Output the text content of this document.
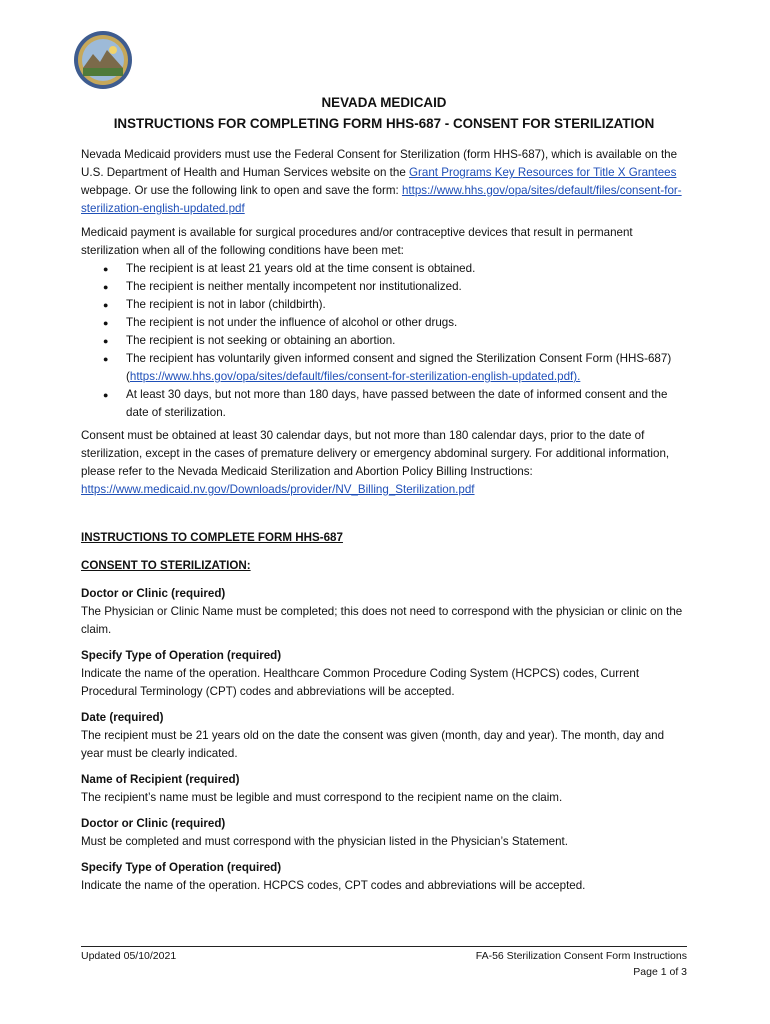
NEVADA MEDICAID
INSTRUCTIONS FOR COMPLETING FORM HHS-687 - CONSENT FOR STERILIZATION

Nevada Medicaid providers must use the Federal Consent for Sterilization (form HHS-687), which is available on the U.S. Department of Health and Human Services website on the Grant Programs Key Resources for Title X Grantees webpage. Or use the following link to open and save the form: https://www.hhs.gov/opa/sites/default/files/consent-for-sterilization-english-updated.pdf

Medicaid payment is available for surgical procedures and/or contraceptive devices that result in permanent sterilization when all of the following conditions have been met:

● The recipient is at least 21 years old at the time consent is obtained.
● The recipient is neither mentally incompetent nor institutionalized.
● The recipient is not in labor (childbirth).
● The recipient is not under the influence of alcohol or other drugs.
● The recipient is not seeking or obtaining an abortion.
● The recipient has voluntarily given informed consent and signed the Sterilization Consent Form (HHS-687) (https://www.hhs.gov/opa/sites/default/files/consent-for-sterilization-english-updated.pdf).
● At least 30 days, but not more than 180 days, have passed between the date of informed consent and the date of sterilization.

Consent must be obtained at least 30 calendar days, but not more than 180 calendar days, prior to the date of sterilization, except in the cases of premature delivery or emergency abdominal surgery. For additional information, please refer to the Nevada Medicaid Sterilization and Abortion Policy Billing Instructions: https://www.medicaid.nv.gov/Downloads/provider/NV_Billing_Sterilization.pdf

INSTRUCTIONS TO COMPLETE FORM HHS-687

CONSENT TO STERILIZATION:

Doctor or Clinic (required)

The Physician or Clinic Name must be completed; this does not need to correspond with the physician or clinic on the claim.

Specify Type of Operation (required)

Indicate the name of the operation. Healthcare Common Procedure Coding System (HCPCS) codes, Current Procedural Terminology (CPT) codes and abbreviations will be accepted.

Date (required)

The recipient must be 21 years old on the date the consent was given (month, day and year). The month, day and year must be clearly indicated.

Name of Recipient (required)

The recipient’s name must be legible and must correspond to the recipient name on the claim.

Doctor or Clinic (required)

Must be completed and must correspond with the physician listed in the Physician’s Statement.

Specify Type of Operation (required)

Indicate the name of the operation. HCPCS codes, CPT codes and abbreviations will be accepted.

Updated 05/10/2021	FA-56 Sterilization Consent Form Instructions
Page 1 of 3
